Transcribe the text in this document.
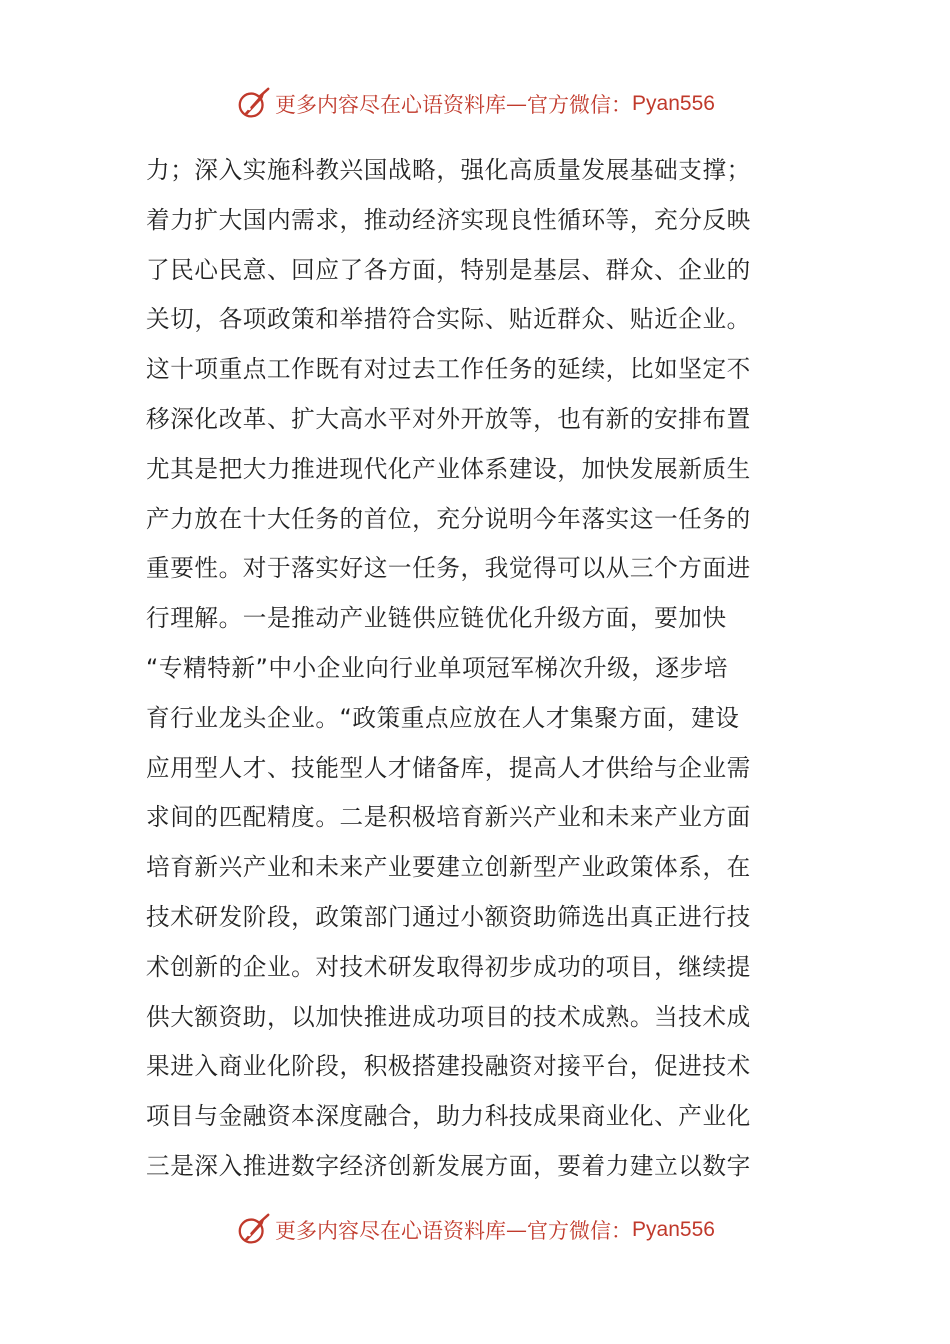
更多内容尽在心语资料库 — 官方微信： Pyan556
力；深入实施科教兴国战略，强化高质量发展基础支撑；
着力扩大国内需求，推动经济实现良性循环等，充分反映
了民心民意、回应了各方面，特别是基层、群众、企业的
关切，各项政策和举措符合实际、贴近群众、贴近企业。
这十项重点工作既有对过去工作任务的延续，比如坚定不
移深化改革、扩大高水平对外开放等，也有新的安排布置
尤其是把大力推进现代化产业体系建设，加快发展新质生
产力放在十大任务的首位，充分说明今年落实这一任务的
重要性。对于落实好这一任务，我觉得可以从三个方面进
行理解。一是推动产业链供应链优化升级方面，要加快
“专精特新”中小企业向行业单项冠军梯次升级，逐步培
育行业龙头企业。“政策重点应放在人才集聚方面，建设
应用型人才、技能型人才储备库，提高人才供给与企业需
求间的匹配精度。二是积极培育新兴产业和未来产业方面
培育新兴产业和未来产业要建立创新型产业政策体系，在
技术研发阶段，政策部门通过小额资助筛选出真正进行技
术创新的企业。对技术研发取得初步成功的项目，继续提
供大额资助，以加快推进成功项目的技术成熟。当技术成
果进入商业化阶段，积极搭建投融资对接平台，促进技术
项目与金融资本深度融合，助力科技成果商业化、产业化
三是深入推进数字经济创新发展方面，要着力建立以数字
更多内容尽在心语资料库 — 官方微信： Pyan556
